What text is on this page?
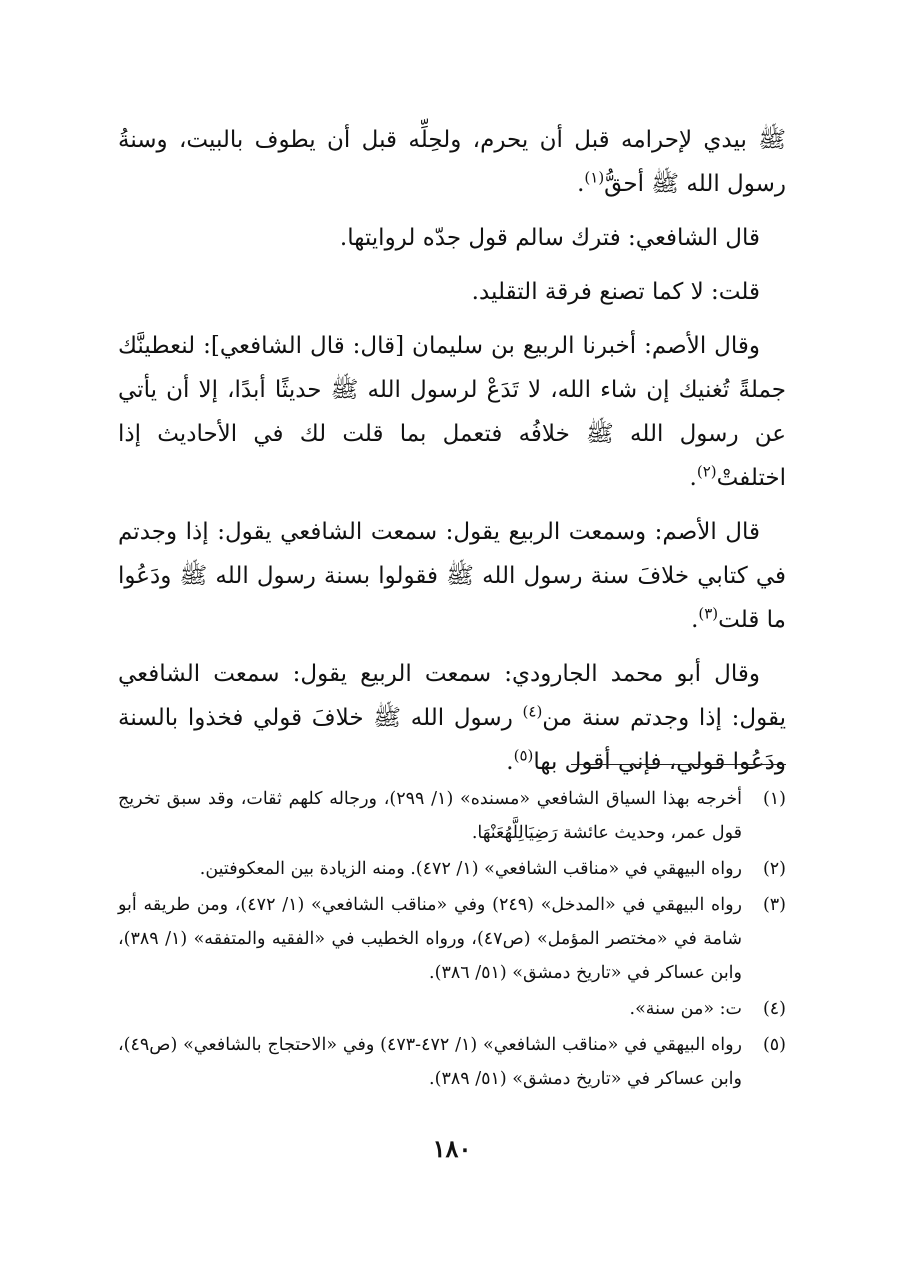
ﷺ بيدي لإحرامه قبل أن يحرم، ولحِلِّه قبل أن يطوف بالبيت، وسنةُ رسول الله ﷺ أحقُّ$^{(١)}$.

قال الشافعي: فترك سالم قول جدّه لروايتها.

قلت: لا كما تصنع فرقة التقليد.

وقال الأصم: أخبرنا الربيع بن سليمان [قال: قال الشافعي]: لنعطينَّك جملةً تُغنيك إن شاء الله، لا تَدَعْ لرسول الله ﷺ حديثًا أبدًا، إلا أن يأتي عن رسول الله ﷺ خلافُه فتعمل بما قلت لك في الأحاديث إذا اختلفتْ$^{(٢)}$.

قال الأصم: وسمعت الربيع يقول: سمعت الشافعي يقول: إذا وجدتم في كتابي خلافَ سنة رسول الله ﷺ فقولوا بسنة رسول الله ﷺ ودَعُوا ما قلت$^{(٣)}$.

وقال أبو محمد الجارودي: سمعت الربيع يقول: سمعت الشافعي يقول: إذا وجدتم سنة من$^{(٤)}$ رسول الله ﷺ خلافَ قولي فخذوا بالسنة ودَعُوا قولي، فإني أقول بها$^{(٥)}$.

(١)
أخرجه بهذا السياق الشافعي «مسنده» (١/ ٢٩٩)، ورجاله كلهم ثقات، وقد سبق تخريج قول عمر، وحديث عائشة رَضِيَالِلَّهُعَنْهَا.
(٢)
رواه البيهقي في «مناقب الشافعي» (١/ ٤٧٢). ومنه الزيادة بين المعكوفتين.
(٣)
رواه البيهقي في «المدخل» (٢٤٩) وفي «مناقب الشافعي» (١/ ٤٧٢)، ومن طريقه أبو شامة في «مختصر المؤمل» (ص٤٧)، ورواه الخطيب في «الفقيه والمتفقه» (١/ ٣٨٩)، وابن عساكر في «تاريخ دمشق» (٥١/ ٣٨٦).
(٤)
ت: «من سنة».
(٥)
رواه البيهقي في «مناقب الشافعي» (١/ ٤٧٢-٤٧٣) وفي «الاحتجاج بالشافعي» (ص٤٩)، وابن عساكر في «تاريخ دمشق» (٥١/ ٣٨٩).
١٨٠
